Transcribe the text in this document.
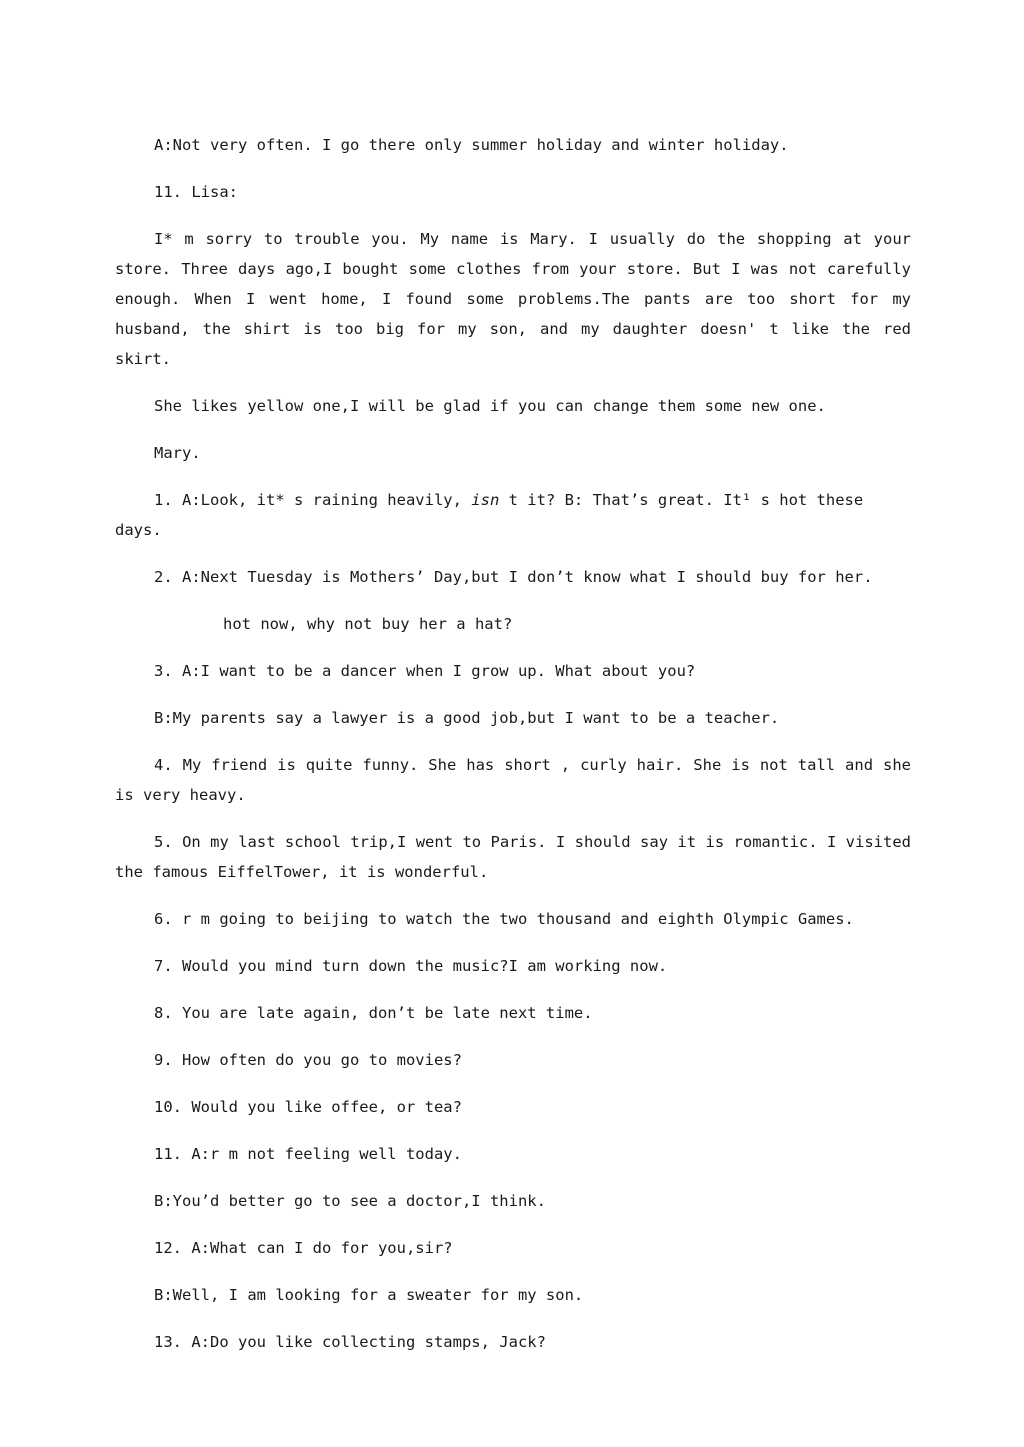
A:Not very often. I go there only summer holiday and winter holiday.

11. Lisa:

I* m sorry to trouble you. My name is Mary. I usually do the shopping at your store. Three days ago,I bought some clothes from your store. But I was not carefully enough. When I went home, I found some problems.The pants are too short for my husband, the shirt is too big for my son, and my daughter doesn' t like the red skirt.

She likes yellow one,I will be glad if you can change them some new one.

Mary.

1. A:Look, it* s raining heavily, isn t it? B: That’s great. It¹ s hot these days.

2. A:Next Tuesday is Mothers’ Day,but I don’t know what I should buy for her.

hot now, why not buy her a hat?

3. A:I want to be a dancer when I grow up. What about you?

B:My parents say a lawyer is a good job,but I want to be a teacher.

4. My friend is quite funny. She has short , curly hair. She is not tall and she is very heavy.

5. On my last school trip,I went to Paris. I should say it is romantic. I visited the famous EiffelTower, it is wonderful.

6. r m going to beijing to watch the two thousand and eighth Olympic Games.

7. Would you mind turn down the music?I am working now.

8. You are late again, don’t be late next time.

9. How often do you go to movies?

10. Would you like offee, or tea?

11. A:r m not feeling well today.

B:You’d better go to see a doctor,I think.

12. A:What can I do for you,sir?

B:Well, I am looking for a sweater for my son.

13. A:Do you like collecting stamps, Jack?
